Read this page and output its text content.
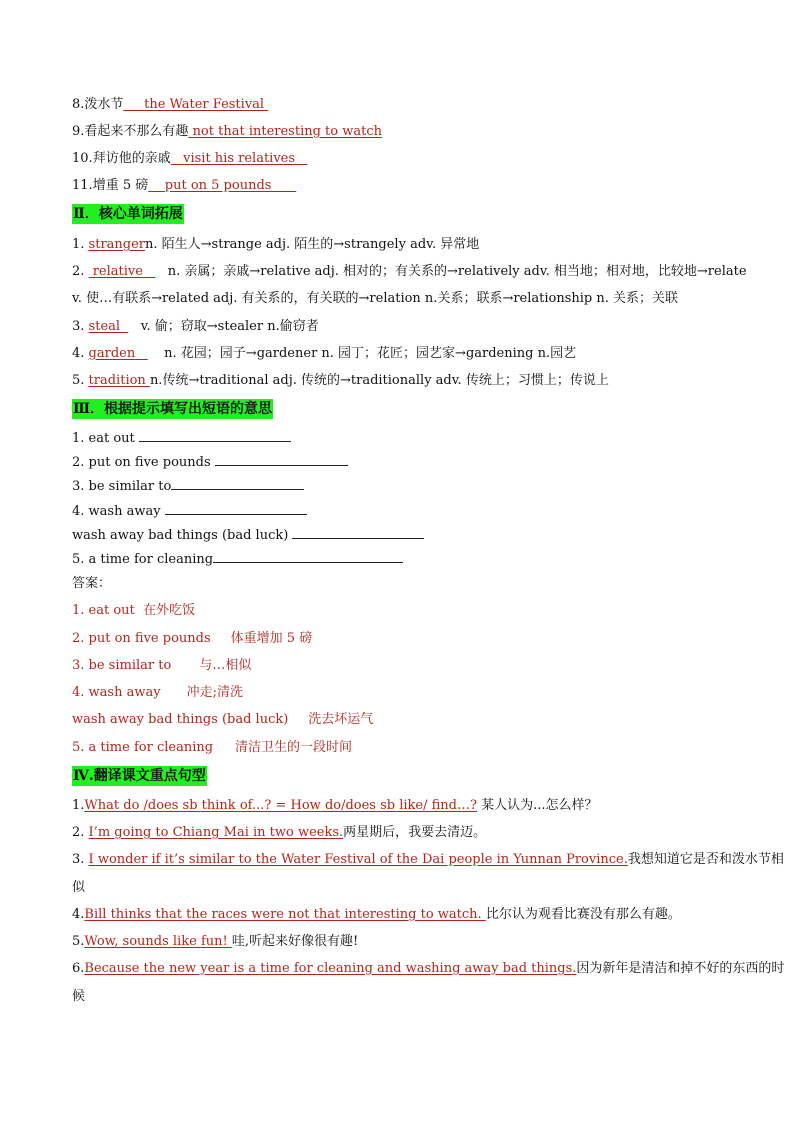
8.泼水节 the Water Festival
9.看起来不那么有趣 not that interesting to watch
10.拜访他的亲戚 visit his relatives
11.增重 5 磅 put on 5 pounds
Ⅱ．核心单词拓展
1. strangern. 陌生人→strange adj. 陌生的→strangely adv. 异常地
2. relative n. 亲属；亲戚→relative adj. 相对的；有关系的→relatively adv. 相当地；相对地，比较地→relate
v. 使…有联系→related adj. 有关系的，有关联的→relation n.关系；联系→relationship n. 关系；关联
3. steal v. 偷；窃取→stealer n.偷窃者
4. garden n. 花园；园子→gardener n. 园丁；花匠；园艺家→gardening n.园艺
5. tradition n.传统→traditional adj. 传统的→traditionally adv. 传统上；习惯上；传说上
Ⅲ．根据提示填写出短语的意思
1. eat out
2. put on five pounds
3. be similar to
4. wash away
wash away bad things (bad luck)
5. a time for cleaning
答案：
1. eat out 在外吃饭
2. put on five pounds 体重增加 5 磅
3. be similar to 与…相似
4. wash away 冲走;清洗
wash away bad things (bad luck) 洗去坏运气
5. a time for cleaning 清洁卫生的一段时间
Ⅳ.翻译课文重点句型
1.What do /does sb think of...? = How do/does sb like/ find…? 某人认为...怎么样？
2. I’m going to Chiang Mai in two weeks.两星期后，我要去清迈。
3. I wonder if it’s similar to the Water Festival of the Dai people in Yunnan Province.我想知道它是否和泼水节相
似
4.Bill thinks that the races were not that interesting to watch. 比尔认为观看比赛没有那么有趣。
5.Wow, sounds like fun! 哇,听起来好像很有趣!
6.Because the new year is a time for cleaning and washing away bad things.因为新年是清洁和掉不好的东西的时
候
